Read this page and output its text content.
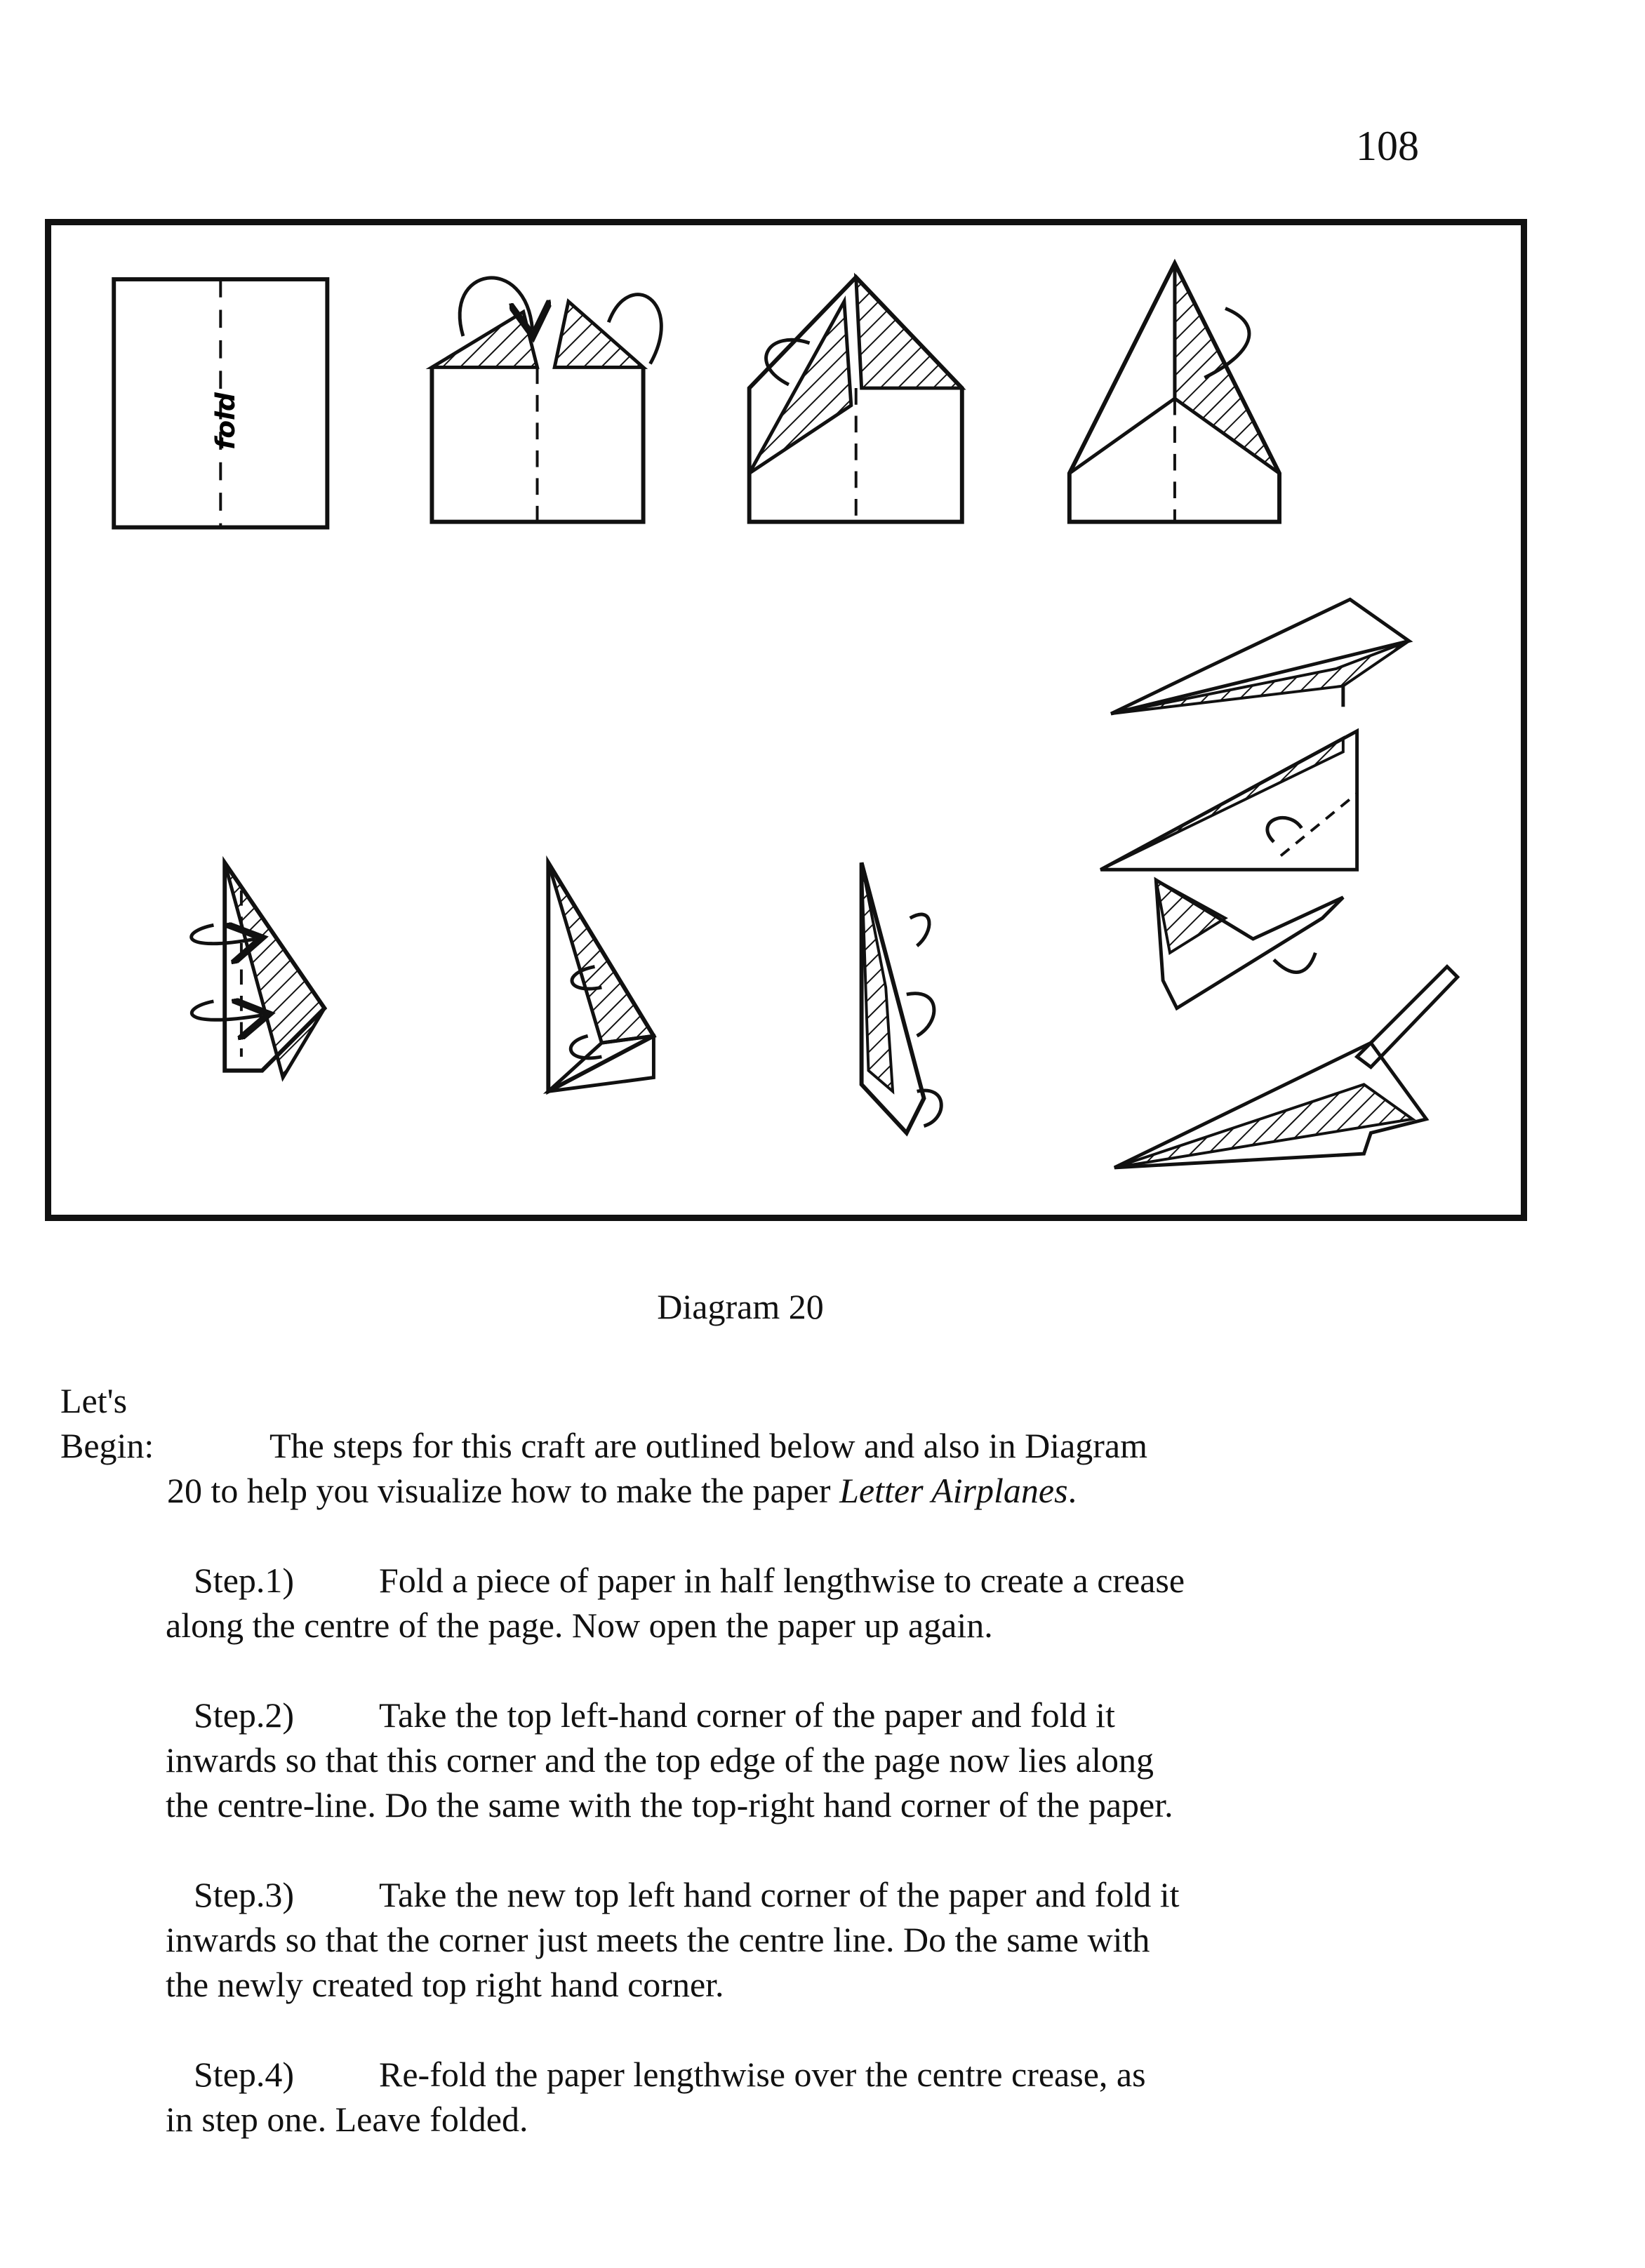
108
fold
Diagram 20
Let's
Begin:	The steps for this craft are outlined below and also in Diagram
20 to help you visualize how to make the paper Letter Airplanes.
Step.1) Fold a piece of paper in half lengthwise to create a crease
along the centre of the page. Now open the paper up again.
Step.2) Take the top left-hand corner of the paper and fold it
inwards so that this corner and the top edge of the page now lies along
the centre-line. Do the same with the top-right hand corner of the paper.
Step.3) Take the new top left hand corner of the paper and fold it
inwards so that the corner just meets the centre line. Do the same with
the newly created top right hand corner.
Step.4) Re-fold the paper lengthwise over the centre crease, as
in step one. Leave folded.
